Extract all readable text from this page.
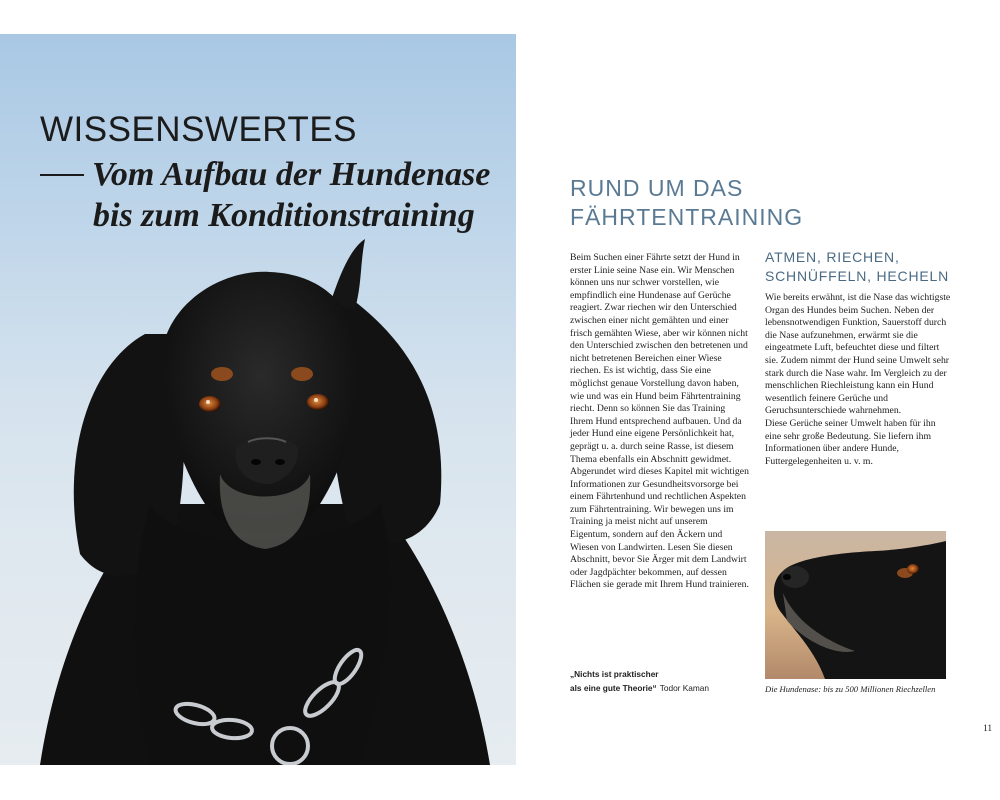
WISSENSWERTES
Vom Aufbau der Hundenase
bis zum Konditionstraining
RUND UM DAS
FÄHRTENTRAINING

Beim Suchen einer Fährte setzt der Hund in erster Linie seine Nase ein. Wir Menschen können uns nur schwer vorstellen, wie empfindlich eine Hundenase auf Gerüche reagiert. Zwar riechen wir den Unterschied zwischen einer nicht gemähten und einer frisch gemähten Wiese, aber wir können nicht den Unterschied zwischen den betretenen und nicht betretenen Bereichen einer Wiese riechen. Es ist wichtig, dass Sie eine möglichst genaue Vorstellung davon haben, wie und was ein Hund beim Fährtentraining riecht. Denn so können Sie das Training Ihrem Hund entsprechend aufbauen. Und da jeder Hund eine eigene Persönlichkeit hat, geprägt u. a. durch seine Rasse, ist diesem Thema ebenfalls ein Abschnitt gewidmet. Abgerundet wird dieses Kapitel mit wichtigen Informationen zur Gesundheitsvorsorge bei einem Fährtenhund und rechtlichen Aspekten zum Fährtentraining. Wir bewegen uns im Training ja meist nicht auf unserem Eigentum, sondern auf den Äckern und Wiesen von Landwirten. Lesen Sie diesen Abschnitt, bevor Sie Ärger mit dem Landwirt oder Jagdpächter bekommen, auf dessen Flächen sie gerade mit Ihrem Hund trainieren.

„Nichts ist praktischer
als eine gute Theorie“ Todor Kaman
ATMEN, RIECHEN,
SCHNÜFFELN, HECHELN

Wie bereits erwähnt, ist die Nase das wichtigste Organ des Hundes beim Suchen. Neben der lebensnotwendigen Funktion, Sauerstoff durch die Nase aufzunehmen, erwärmt sie die eingeatmete Luft, befeuchtet diese und filtert sie. Zudem nimmt der Hund seine Umwelt sehr stark durch die Nase wahr. Im Vergleich zu der menschlichen Riechleistung kann ein Hund wesentlich feinere Gerüche und Geruchsunterschiede wahrnehmen.

Diese Gerüche seiner Umwelt haben für ihn eine sehr große Bedeutung. Sie liefern ihm Informationen über andere Hunde, Futtergelegenheiten u. v. m.

Die Hundenase: bis zu 500 Millionen Riechzellen
11
